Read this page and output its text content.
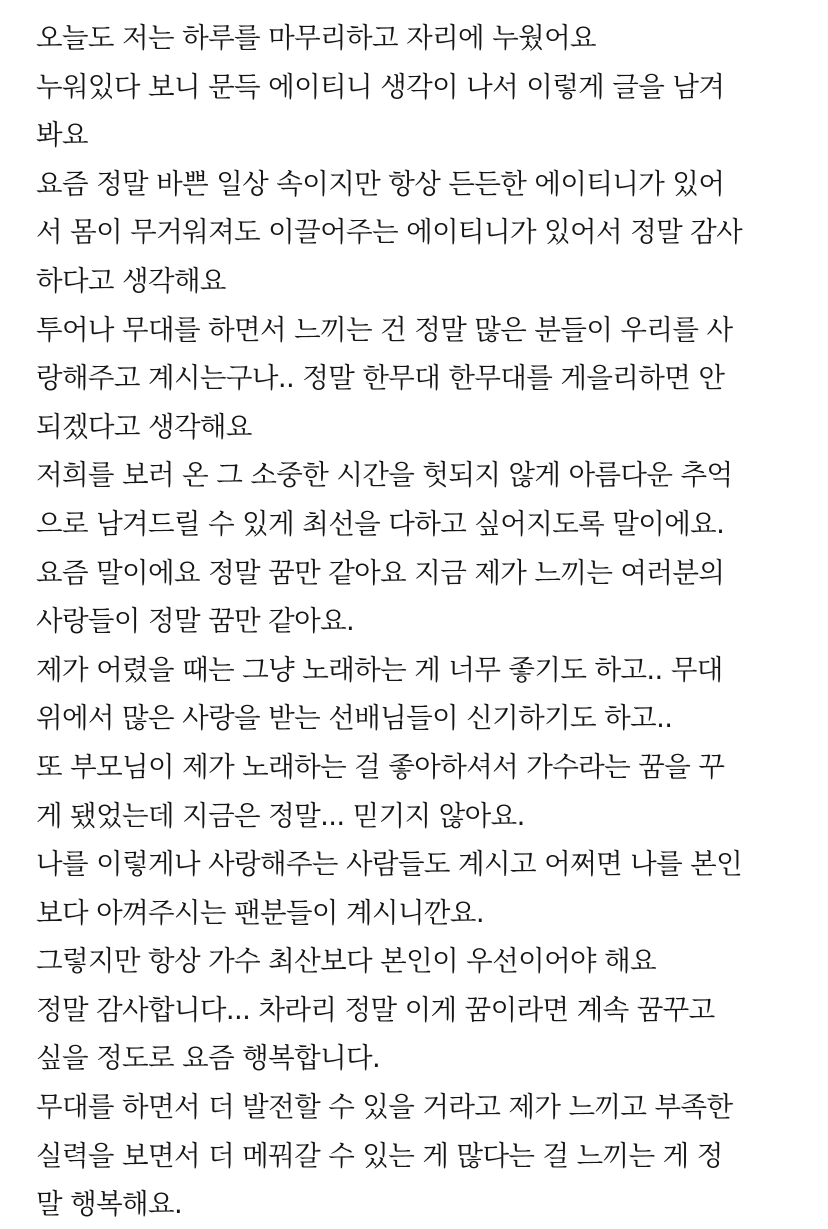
오늘도 저는 하루를 마무리하고 자리에 누웠어요
누워있다 보니 문득 에이티니 생각이 나서 이렇게 글을 남겨
봐요
요즘 정말 바쁜 일상 속이지만 항상 든든한 에이티니가 있어
서 몸이 무거워져도 이끌어주는 에이티니가 있어서 정말 감사
하다고 생각해요
투어나 무대를 하면서 느끼는 건 정말 많은 분들이 우리를 사
랑해주고 계시는구나.. 정말 한무대 한무대를 게을리하면 안
되겠다고 생각해요
저희를 보러 온 그 소중한 시간을 헛되지 않게 아름다운 추억
으로 남겨드릴 수 있게 최선을 다하고 싶어지도록 말이에요.
요즘 말이에요 정말 꿈만 같아요 지금 제가 느끼는 여러분의
사랑들이 정말 꿈만 같아요.
제가 어렸을 때는 그냥 노래하는 게 너무 좋기도 하고.. 무대
위에서 많은 사랑을 받는 선배님들이 신기하기도 하고..
또 부모님이 제가 노래하는 걸 좋아하셔서 가수라는 꿈을 꾸
게 됐었는데 지금은 정말... 믿기지 않아요.
나를 이렇게나 사랑해주는 사람들도 계시고 어쩌면 나를 본인
보다 아껴주시는 팬분들이 계시니깐요.
그렇지만 항상 가수 최산보다 본인이 우선이어야 해요
정말 감사합니다... 차라리 정말 이게 꿈이라면 계속 꿈꾸고
싶을 정도로 요즘 행복합니다.
무대를 하면서 더 발전할 수 있을 거라고 제가 느끼고 부족한
실력을 보면서 더 메꿔갈 수 있는 게 많다는 걸 느끼는 게 정
말 행복해요.
